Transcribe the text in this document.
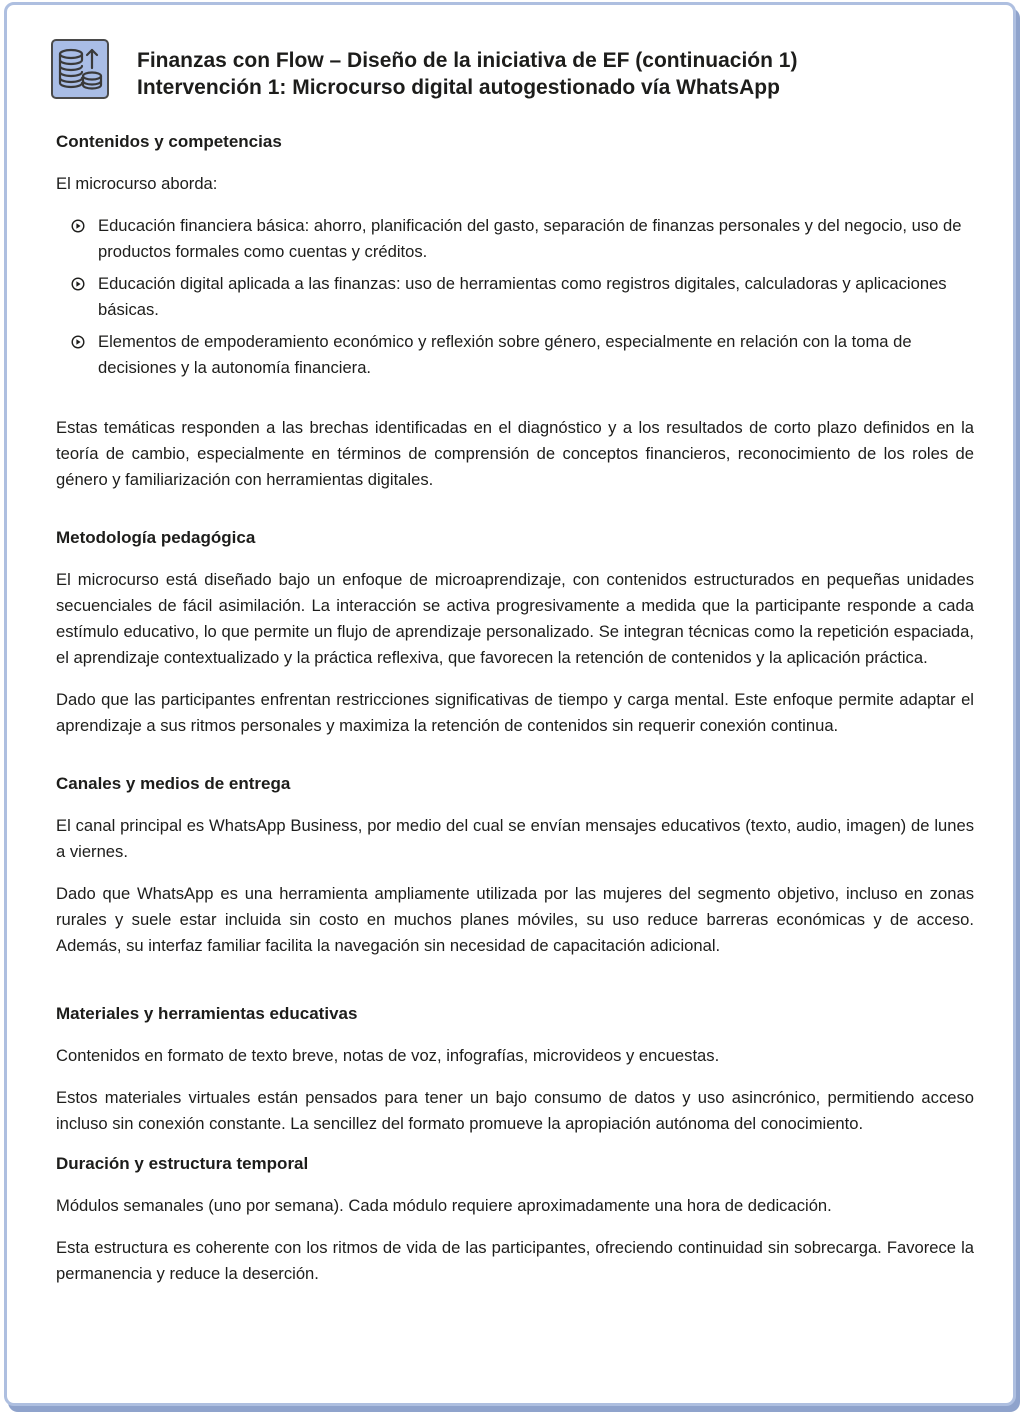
Finanzas con Flow – Diseño de la iniciativa de EF (continuación 1)
Intervención 1: Microcurso digital autogestionado vía WhatsApp
Contenidos y competencias

El microcurso aborda:

Educación financiera básica: ahorro, planificación del gasto, separación de finanzas personales y del negocio, uso de productos formales como cuentas y créditos.
Educación digital aplicada a las finanzas: uso de herramientas como registros digitales, calculadoras y aplicaciones básicas.
Elementos de empoderamiento económico y reflexión sobre género, especialmente en relación con la toma de decisiones y la autonomía financiera.

Estas temáticas responden a las brechas identificadas en el diagnóstico y a los resultados de corto plazo definidos en la teoría de cambio, especialmente en términos de comprensión de conceptos financieros, reconocimiento de los roles de género y familiarización con herramientas digitales.

Metodología pedagógica

El microcurso está diseñado bajo un enfoque de microaprendizaje, con contenidos estructurados en pequeñas unidades secuenciales de fácil asimilación. La interacción se activa progresivamente a medida que la participante responde a cada estímulo educativo, lo que permite un flujo de aprendizaje personalizado. Se integran técnicas como la repetición espaciada, el aprendizaje contextualizado y la práctica reflexiva, que favorecen la retención de contenidos y la aplicación práctica.

Dado que las participantes enfrentan restricciones significativas de tiempo y carga mental. Este enfoque permite adaptar el aprendizaje a sus ritmos personales y maximiza la retención de contenidos sin requerir conexión continua.

Canales y medios de entrega

El canal principal es WhatsApp Business, por medio del cual se envían mensajes educativos (texto, audio, imagen) de lunes a viernes.

Dado que WhatsApp es una herramienta ampliamente utilizada por las mujeres del segmento objetivo, incluso en zonas rurales y suele estar incluida sin costo en muchos planes móviles, su uso reduce barreras económicas y de acceso. Además, su interfaz familiar facilita la navegación sin necesidad de capacitación adicional.

Materiales y herramientas educativas

Contenidos en formato de texto breve, notas de voz, infografías, microvideos y encuestas.

Estos materiales virtuales están pensados para tener un bajo consumo de datos y uso asincrónico, permitiendo acceso incluso sin conexión constante. La sencillez del formato promueve la apropiación autónoma del conocimiento.

Duración y estructura temporal

Módulos semanales (uno por semana). Cada módulo requiere aproximadamente una hora de dedicación.

Esta estructura es coherente con los ritmos de vida de las participantes, ofreciendo continuidad sin sobrecarga. Favorece la permanencia y reduce la deserción.
